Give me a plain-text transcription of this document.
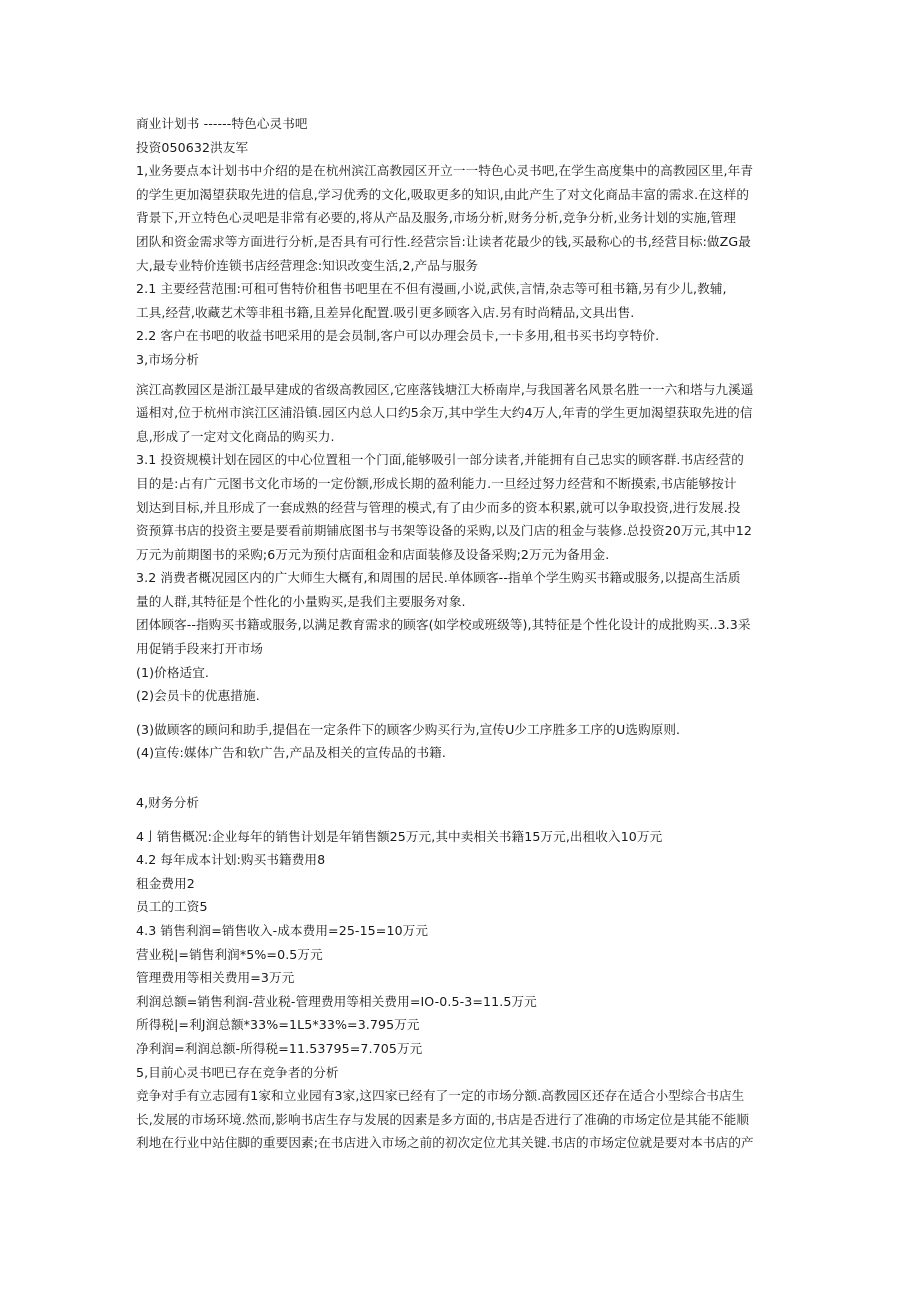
商业计划书 ------特色心灵书吧
投资050632洪友军
1,业务要点本计划书中介绍的是在杭州滨江高教园区开立一一特色心灵书吧,在学生高度集中的高教园区里,年青
的学生更加渴望获取先进的信息,学习优秀的文化,吸取更多的知识,由此产生了对文化商品丰富的需求.在这样的
背景下,开立特色心灵吧是非常有必要的,将从产品及服务,市场分析,财务分析,竞争分析,业务计划的实施,管理
团队和资金需求等方面进行分析,是否具有可行性.经营宗旨:让读者花最少的钱,买最称心的书,经营目标:做ZG最
大,最专业特价连锁书店经营理念:知识改变生活,2,产品与服务
2.1 主要经营范围:可租可售特价租售书吧里在不但有漫画,小说,武侠,言情,杂志等可租书籍,另有少儿,教辅,
工具,经营,收藏艺术等非租书籍,且差异化配置.吸引更多顾客入店.另有时尚精品,文具出售.
2.2 客户在书吧的收益书吧采用的是会员制,客户可以办理会员卡,一卡多用,租书买书均亨特价.
3,市场分析
滨江高教园区是浙江最早建成的省级高教园区,它座落钱塘江大桥南岸,与我国著名风景名胜一一六和塔与九溪遥
遥相对,位于杭州市滨江区浦沿镇.园区内总人口约5余万,其中学生大约4万人,年青的学生更加渴望获取先进的信
息,形成了一定对文化商品的购买力.
3.1 投资规模计划在园区的中心位置租一个门面,能够吸引一部分读者,并能拥有自己忠实的顾客群.书店经营的
目的是:占有广元图书文化市场的一定份额,形成长期的盈利能力.一旦经过努力经营和不断摸索,书店能够按计
划达到目标,并且形成了一套成熟的经营与管理的模式,有了由少而多的资本积累,就可以争取投资,进行发展.投
资预算书店的投资主要是要看前期铺底图书与书架等设备的采购,以及门店的租金与装修.总投资20万元,其中12
万元为前期图书的采购;6万元为预付店面租金和店面装修及设备采购;2万元为备用金.
3.2 消费者概况园区内的广大师生大概有,和周围的居民.单体顾客--指单个学生购买书籍或服务,以提高生活质
量的人群,其特征是个性化的小量购买,是我们主要服务对象.
团体顾客--指购买书籍或服务,以满足教育需求的顾客(如学校或班级等),其特征是个性化设计的成批购买..3.3采
用促销手段来打开市场
(1)价格适宜.
(2)会员卡的优惠措施.
(3)做顾客的顾问和助手,提倡在一定条件下的顾客少购买行为,宣传U少工序胜多工序的U选购原则.
(4)宣传:媒体广告和软广告,产品及相关的宣传品的书籍.
4,财务分析
4亅销售概况:企业每年的销售计划是年销售额25万元,其中卖相关书籍15万元,出租收入10万元
4.2 每年成本计划:购买书籍费用8
租金费用2
员工的工资5
4.3 销售利润=销售收入-成本费用=25-15=10万元
营业税|=销售利润*5%=0.5万元
管理费用等相关费用=3万元
利润总额=销售利润-营业税-管理费用等相关费用=IO-0.5-3=11.5万元
所得税|=利J润总额*33%=1L5*33%=3.795万元
净利润=利润总额-所得税=11.53795=7.705万元
5,目前心灵书吧已存在竞争者的分析
竞争对手有立志园有1家和立业园有3家,这四家已经有了一定的市场分额.高教园区还存在适合小型综合书店生
长,发展的市场环境.然而,影响书店生存与发展的因素是多方面的,书店是否进行了准确的市场定位是其能不能顺
利地在行业中站住脚的重要因素;在书店进入市场之前的初次定位尤其关键.书店的市场定位就是要对本书店的产
